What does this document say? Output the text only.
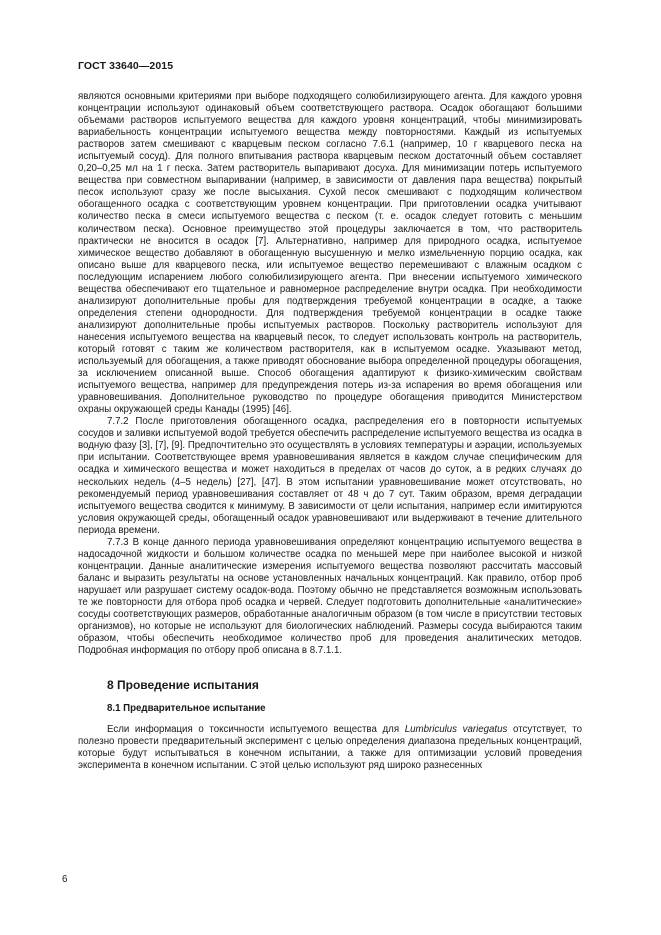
ГОСТ 33640—2015

являются основными критериями при выборе подходящего солюбилизирующего агента. Для каждого уровня концентрации используют одинаковый объем соответствующего раствора. Осадок обогащают большими объемами растворов испытуемого вещества для каждого уровня концентраций, чтобы минимизировать вариабельность концентрации испытуемого вещества между повторностями. Каждый из испытуемых растворов затем смешивают с кварцевым песком согласно 7.6.1 (например, 10 г кварцевого песка на испытуемый сосуд). Для полного впитывания раствора кварцевым песком достаточный объем составляет 0,20–0,25 мл на 1 г песка. Затем растворитель выпаривают досуха. Для минимизации потерь испытуемого вещества при совместном выпаривании (например, в зависимости от давления пара вещества) покрытый песок используют сразу же после высыхания. Сухой песок смешивают с подходящим количеством обогащенного осадка с соответствующим уровнем концентрации. При приготовлении осадка учитывают количество песка в смеси испытуемого вещества с песком (т. е. осадок следует готовить с меньшим количеством песка). Основное преимущество этой процедуры заключается в том, что растворитель практически не вносится в осадок [7]. Альтернативно, например для природного осадка, испытуемое химическое вещество добавляют в обогащенную высушенную и мелко измельченную порцию осадка, как описано выше для кварцевого песка, или испытуемое вещество перемешивают с влажным осадком с последующим испарением любого солюбилизирующего агента. При внесении испытуемого химического вещества обеспечивают его тщательное и равномерное распределение внутри осадка. При необходимости анализируют дополнительные пробы для подтверждения требуемой концентрации в осадке, а также определения степени однородности. Для подтверждения требуемой концентрации в осадке также анализируют дополнительные пробы испытуемых растворов. Поскольку растворитель используют для нанесения испытуемого вещества на кварцевый песок, то следует использовать контроль на растворитель, который готовят с таким же количеством растворителя, как в испытуемом осадке. Указывают метод, используемый для обогащения, а также приводят обоснование выбора определенной процедуры обогащения, за исключением описанной выше. Способ обогащения адаптируют к физико-химическим свойствам испытуемого вещества, например для предупреждения потерь из-за испарения во время обогащения или уравновешивания. Дополнительное руководство по процедуре обогащения приводится Министерством охраны окружающей среды Канады (1995) [46].

7.7.2 После приготовления обогащенного осадка, распределения его в повторности испытуемых сосудов и заливки испытуемой водой требуется обеспечить распределение испытуемого вещества из осадка в водную фазу [3], [7], [9]. Предпочтительно это осуществлять в условиях температуры и аэрации, используемых при испытании. Соответствующее время уравновешивания является в каждом случае специфическим для осадка и химического вещества и может находиться в пределах от часов до суток, а в редких случаях до нескольких недель (4–5 недель) [27], [47]. В этом испытании уравновешивание может отсутствовать, но рекомендуемый период уравновешивания составляет от 48 ч до 7 сут. Таким образом, время деградации испытуемого вещества сводится к минимуму. В зависимости от цели испытания, например если имитируются условия окружающей среды, обогащенный осадок уравновешивают или выдерживают в течение длительного периода времени.

7.7.3 В конце данного периода уравновешивания определяют концентрацию испытуемого вещества в надосадочной жидкости и большом количестве осадка по меньшей мере при наиболее высокой и низкой концентрации. Данные аналитические измерения испытуемого вещества позволяют рассчитать массовый баланс и выразить результаты на основе установленных начальных концентраций. Как правило, отбор проб нарушает или разрушает систему осадок-вода. Поэтому обычно не представляется возможным использовать те же повторности для отбора проб осадка и червей. Следует подготовить дополнительные «аналитические» сосуды соответствующих размеров, обработанные аналогичным образом (в том числе в присутствии тестовых организмов), но которые не используют для биологических наблюдений. Размеры сосуда выбираются таким образом, чтобы обеспечить необходимое количество проб для проведения аналитических методов. Подробная информация по отбору проб описана в 8.7.1.1.

8 Проведение испытания
8.1 Предварительное испытание

Если информация о токсичности испытуемого вещества для Lumbriculus variegatus отсутствует, то полезно провести предварительный эксперимент с целью определения диапазона предельных концентраций, которые будут испытываться в конечном испытании, а также для оптимизации условий проведения эксперимента в конечном испытании. С этой целью используют ряд широко разнесенных

6
